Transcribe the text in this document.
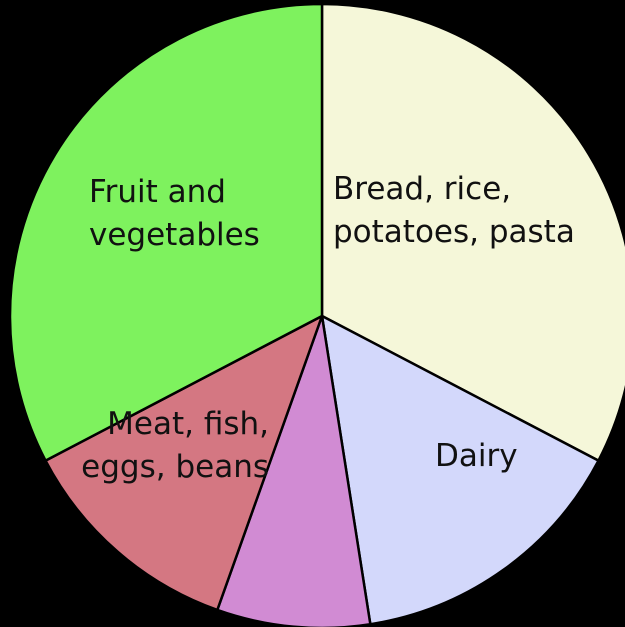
Bread, rice, potatoes, pasta
Dairy
Meat, fish, eggs, beans
Fruit and vegetables
